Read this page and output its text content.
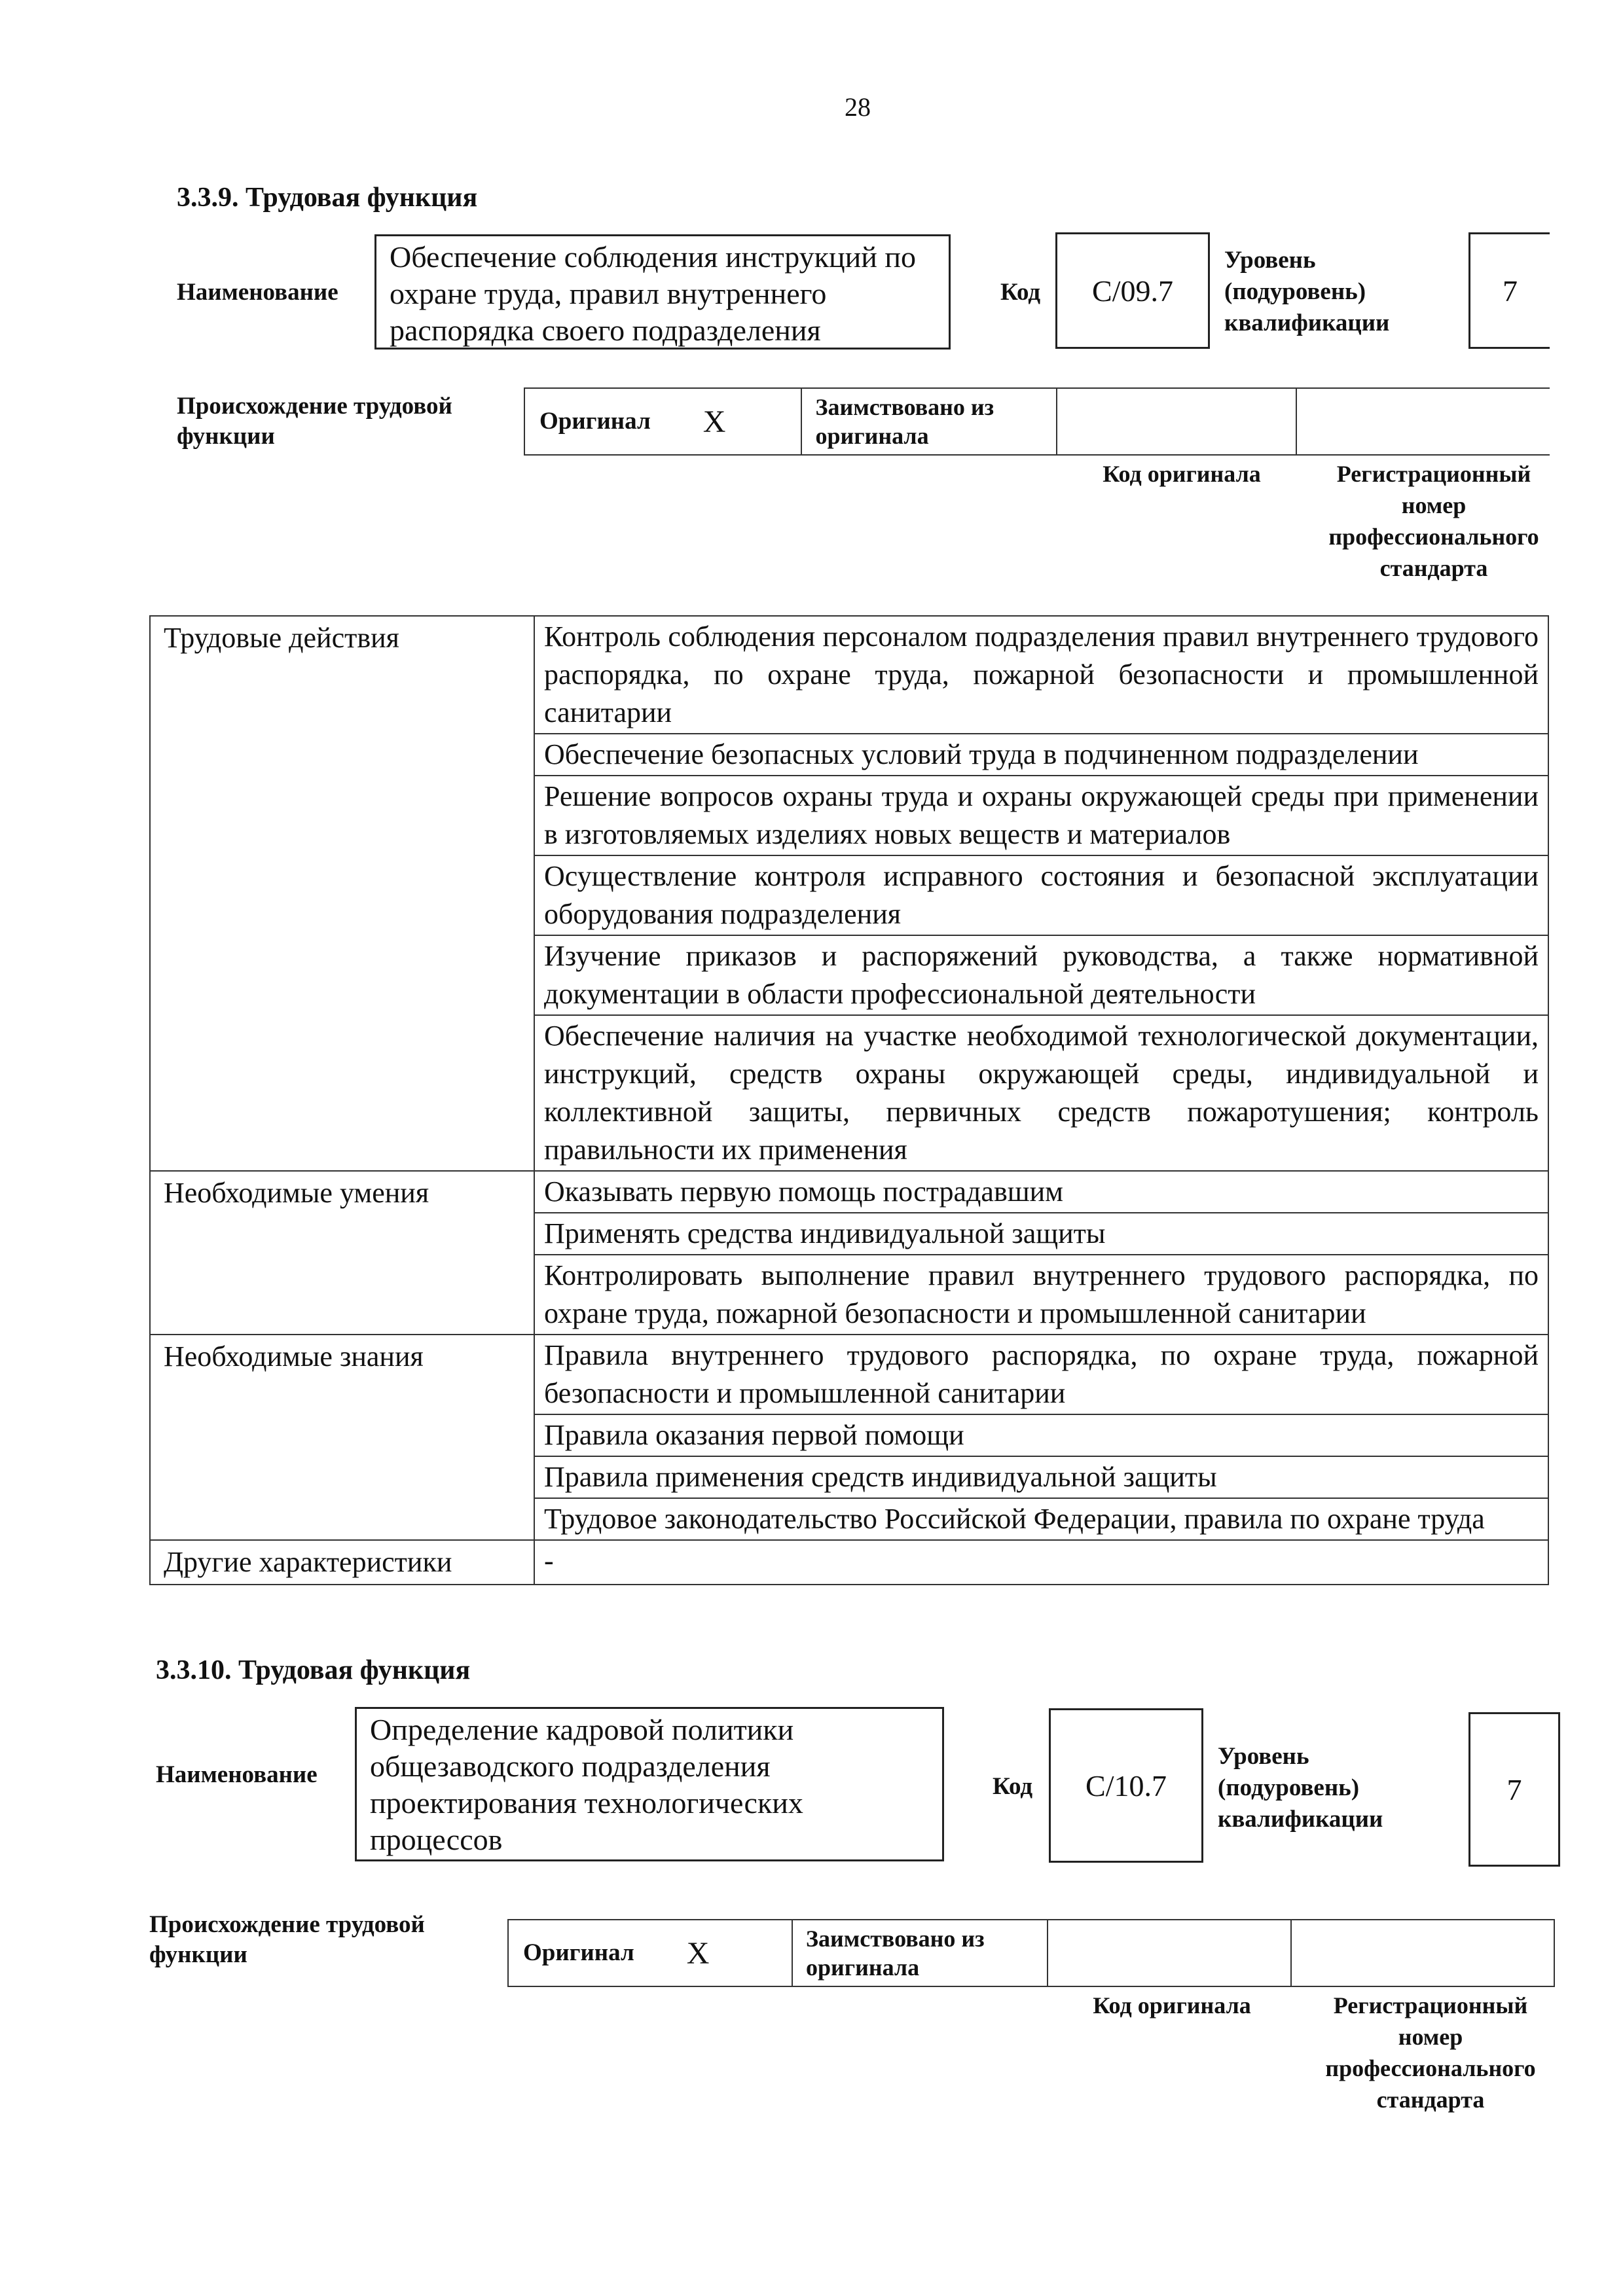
28
3.3.9. Трудовая функция
Наименование
Обеспечение соблюдения инструкций по охране труда, правил внутреннего распорядка своего подразделения
Код	C/09.7
Уровень
(подуровень)
квалификации
7
Происхождение трудовой функции
Оригинал X	Заимствовано из оригинала
Код оригинала	Регистрационный номер профессионального стандарта
Трудовые действия	Контроль соблюдения персоналом подразделения правил внутреннего трудового распорядка, по охране труда, пожарной безопасности и промышленной санитарии
	Обеспечение безопасных условий труда в подчиненном подразделении
	Решение вопросов охраны труда и охраны окружающей среды при применении в изготовляемых изделиях новых веществ и материалов
	Осуществление контроля исправного состояния и безопасной эксплуатации оборудования подразделения
	Изучение приказов и распоряжений руководства, а также нормативной документации в области профессиональной деятельности
	Обеспечение наличия на участке необходимой технологической документации, инструкций, средств охраны окружающей среды, индивидуальной и коллективной защиты, первичных средств пожаротушения; контроль правильности их применения
Необходимые умения	Оказывать первую помощь пострадавшим
	Применять средства индивидуальной защиты
	Контролировать выполнение правил внутреннего трудового распорядка, по охране труда, пожарной безопасности и промышленной санитарии
Необходимые знания	Правила внутреннего трудового распорядка, по охране труда, пожарной безопасности и промышленной санитарии
	Правила оказания первой помощи
	Правила применения средств индивидуальной защиты
	Трудовое законодательство Российской Федерации, правила по охране труда
Другие характеристики	-
3.3.10. Трудовая функция
Наименование
Определение кадровой политики общезаводского подразделения проектирования технологических процессов
Код	C/10.7
Уровень
(подуровень)
квалификации
7
Происхождение трудовой функции	Оригинал X	Заимствовано из оригинала
Код оригинала	Регистрационный номер профессионального стандарта
